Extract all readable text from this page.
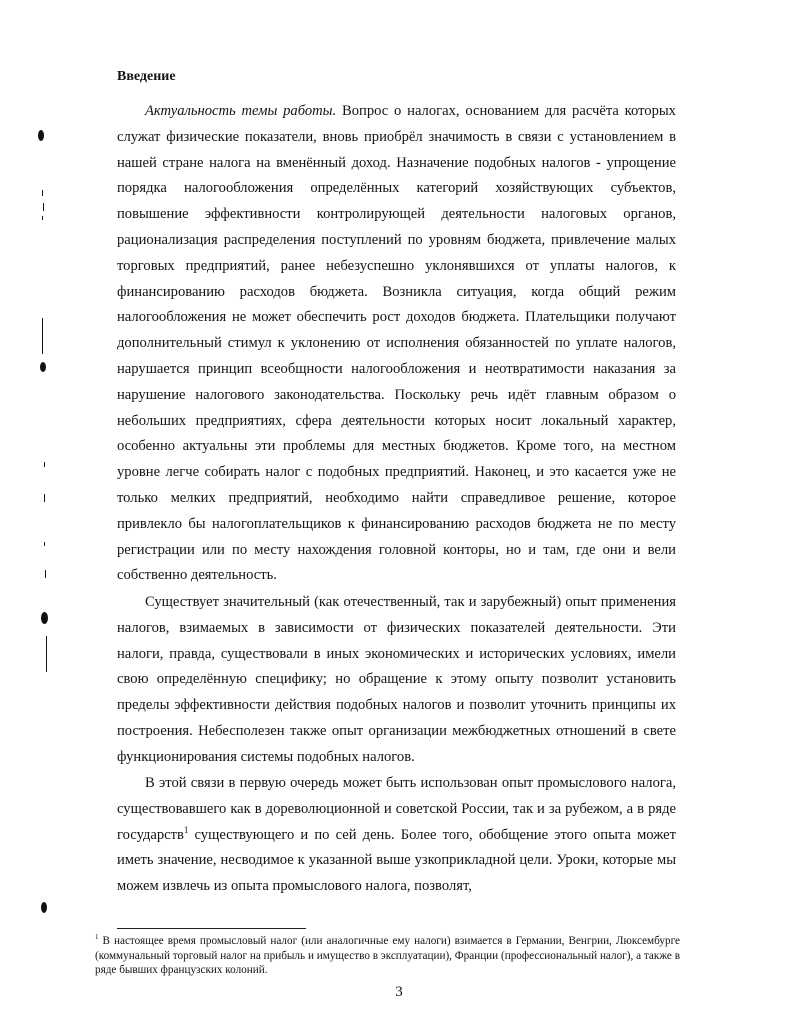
Введение

Актуальность темы работы. Вопрос о налогах, основанием для расчёта которых служат физические показатели, вновь приобрёл значимость в связи с установлением в нашей стране налога на вменённый доход. Назначение подобных налогов - упрощение порядка налогообложения определённых категорий хозяйствующих субъектов, повышение эффективности контролирующей деятельности налоговых органов, рационализация распределения поступлений по уровням бюджета, привлечение малых торговых предприятий, ранее небезуспешно уклонявшихся от уплаты налогов, к финансированию расходов бюджета. Возникла ситуация, когда общий режим налогообложения не может обеспечить рост доходов бюджета. Плательщики получают дополнительный стимул к уклонению от исполнения обязанностей по уплате налогов, нарушается принцип всеобщности налогообложения и неотвратимости наказания за нарушение налогового законодательства. Поскольку речь идёт главным образом о небольших предприятиях, сфера деятельности которых носит локальный характер, особенно актуальны эти проблемы для местных бюджетов. Кроме того, на местном уровне легче собирать налог с подобных предприятий. Наконец, и это касается уже не только мелких предприятий, необходимо найти справедливое решение, которое привлекло бы налогоплательщиков к финансированию расходов бюджета не по месту регистрации или по месту нахождения головной конторы, но и там, где они и вели собственно деятельность.

Существует значительный (как отечественный, так и зарубежный) опыт применения налогов, взимаемых в зависимости от физических показателей деятельности. Эти налоги, правда, существовали в иных экономических и исторических условиях, имели свою определённую специфику; но обращение к этому опыту позволит установить пределы эффективности действия подобных налогов и позволит уточнить принципы их построения. Небесполезен также опыт организации межбюджетных отношений в свете функционирования системы подобных налогов.

В этой связи в первую очередь может быть использован опыт промыслового налога, существовавшего как в дореволюционной и советской России, так и за рубежом, а в ряде государств$^1$ существующего и по сей день. Более того, обобщение этого опыта может иметь значение, несводимое к указанной выше узкоприкладной цели. Уроки, которые мы можем извлечь из опыта промыслового налога, позволят,

$^1$ В настоящее время промысловый налог (или аналогичные ему налоги) взимается в Германии, Венгрии, Люксембурге (коммунальный торговый налог на прибыль и имущество в эксплуатации), Франции (профессиональный налог), а также в ряде бывших французских колоний.

3
